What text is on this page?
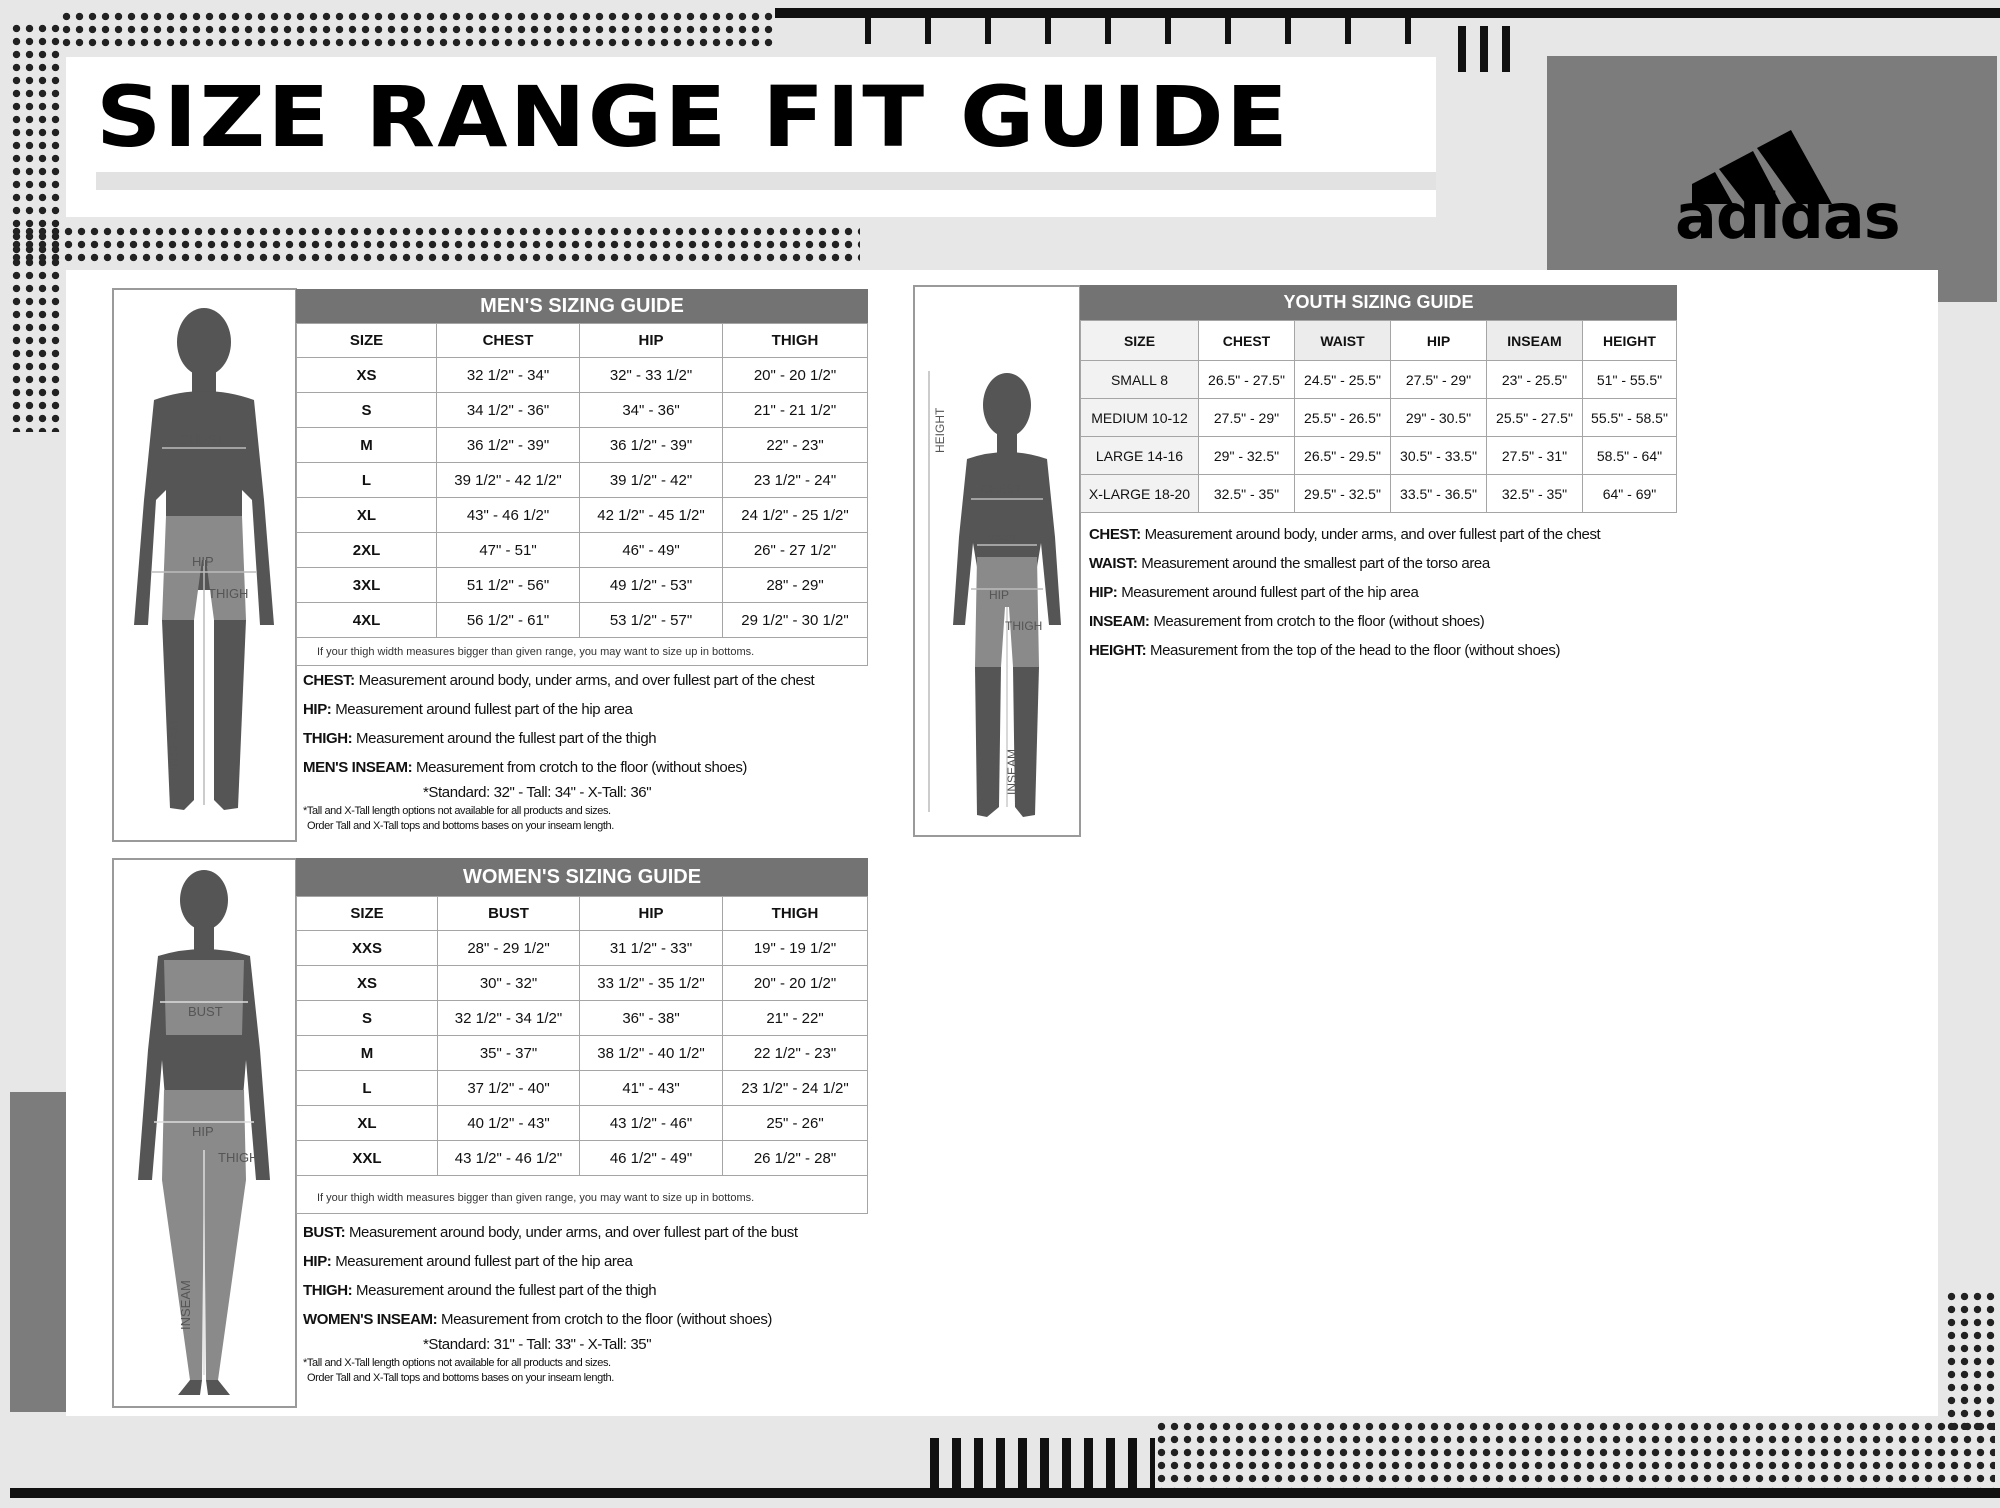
SIZE RANGE FIT GUIDE
adidas
CHEST
HIP
THIGH
INSEAM
MEN'S SIZING GUIDE
SIZE	CHEST	HIP	THIGH
XS	32 1/2" - 34"	32" - 33 1/2"	20" - 20 1/2"
S	34 1/2" - 36"	34" - 36"	21" - 21 1/2"
M	36 1/2" - 39"	36 1/2" - 39"	22" - 23"
L	39 1/2" - 42 1/2"	39 1/2" - 42"	23 1/2" - 24"
XL	43" - 46 1/2"	42 1/2" - 45 1/2"	24 1/2" - 25 1/2"
2XL	47" - 51"	46" - 49"	26" - 27 1/2"
3XL	51 1/2" - 56"	49 1/2" - 53"	28" - 29"
4XL	56 1/2" - 61"	53 1/2" - 57"	29 1/2" - 30 1/2"
If your thigh width measures bigger than given range, you may want to size up in bottoms.
CHEST: Measurement around body, under arms, and over fullest part of the chest
HIP: Measurement around fullest part of the hip area
THIGH: Measurement around the fullest part of the thigh
MEN'S INSEAM: Measurement from crotch to the floor (without shoes)
*Standard: 32" - Tall: 34" - X-Tall: 36"
*Tall and X-Tall length options not available for all products and sizes.
Order Tall and X-Tall tops and bottoms bases on your inseam length.
BUST
HIP
THIGH
INSEAM
WOMEN'S SIZING GUIDE
SIZE	BUST	HIP	THIGH
XXS	28" - 29 1/2"	31 1/2" - 33"	19" - 19 1/2"
XS	30" - 32"	33 1/2" - 35 1/2"	20" - 20 1/2"
S	32 1/2" - 34 1/2"	36" - 38"	21" - 22"
M	35" - 37"	38 1/2" - 40 1/2"	22 1/2" - 23"
L	37 1/2" - 40"	41" - 43"	23 1/2" - 24 1/2"
XL	40 1/2" - 43"	43 1/2" - 46"	25" - 26"
XXL	43 1/2" - 46 1/2"	46 1/2" - 49"	26 1/2" - 28"
If your thigh width measures bigger than given range, you may want to size up in bottoms.
BUST: Measurement around body, under arms, and over fullest part of the bust
HIP: Measurement around fullest part of the hip area
THIGH: Measurement around the fullest part of the thigh
WOMEN'S INSEAM: Measurement from crotch to the floor (without shoes)
*Standard: 31" - Tall: 33" - X-Tall: 35"
*Tall and X-Tall length options not available for all products and sizes.
Order Tall and X-Tall tops and bottoms bases on your inseam length.
HEIGHT
CHEST
WAIST
HIP
THIGH
INSEAM
YOUTH SIZING GUIDE
SIZE	CHEST	WAIST	HIP	INSEAM	HEIGHT
SMALL 8	26.5" - 27.5"	24.5" - 25.5"	27.5" - 29"	23" - 25.5"	51" - 55.5"
MEDIUM 10-12	27.5" - 29"	25.5" - 26.5"	29" - 30.5"	25.5" - 27.5"	55.5" - 58.5"
LARGE 14-16	29" - 32.5"	26.5" - 29.5"	30.5" - 33.5"	27.5" - 31"	58.5" - 64"
X-LARGE 18-20	32.5" - 35"	29.5" - 32.5"	33.5" - 36.5"	32.5" - 35"	64" - 69"
CHEST: Measurement around body, under arms, and over fullest part of the chest
WAIST: Measurement around the smallest part of the torso area
HIP: Measurement around fullest part of the hip area
INSEAM: Measurement from crotch to the floor (without shoes)
HEIGHT: Measurement from the top of the head to the floor (without shoes)
